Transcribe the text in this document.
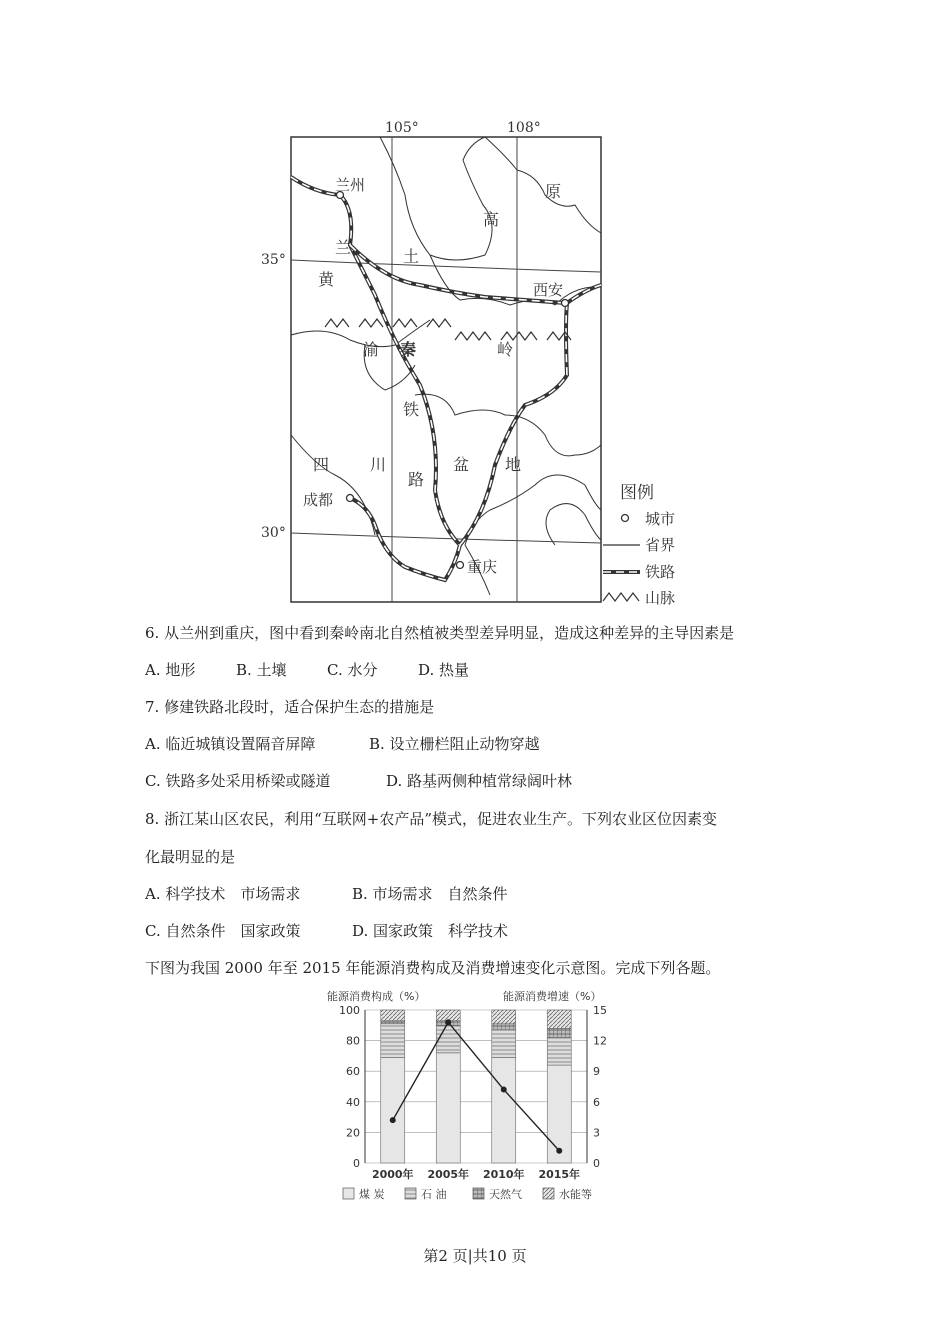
105°	108°
35°
30°
兰州
西安
成都
重庆
黄
土
高
原
兰
渝 秦	岭
铁
四	川
路
盆 地
图例
城市
省界
铁路
山脉
6. 从兰州到重庆，图中看到秦岭南北自然植被类型差异明显，造成这种差异的主导因素是
A. 地形	B. 土壤	C. 水分	D. 热量
7. 修建铁路北段时，适合保护生态的措施是
A. 临近城镇设置隔音屏障	B. 设立栅栏阻止动物穿越
C. 铁路多处采用桥梁或隧道	D. 路基两侧种植常绿阔叶林
8. 浙江某山区农民，利用“互联网+农产品”模式，促进农业生产。下列农业区位因素变
化最明显的是
A. 科学技术　市场需求	B. 市场需求　自然条件
C. 自然条件　国家政策	D. 国家政策　科学技术
下图为我国 2000 年至 2015 年能源消费构成及消费增速变化示意图。完成下列各题。
能源消费构成（%）	能源消费增速（%）
0
20
40
60
80
100
0
3
6
9
12
15
2000年 2005年 2010年 2015年
煤 炭	石 油	天然气	水能等
第2 页|共10 页
